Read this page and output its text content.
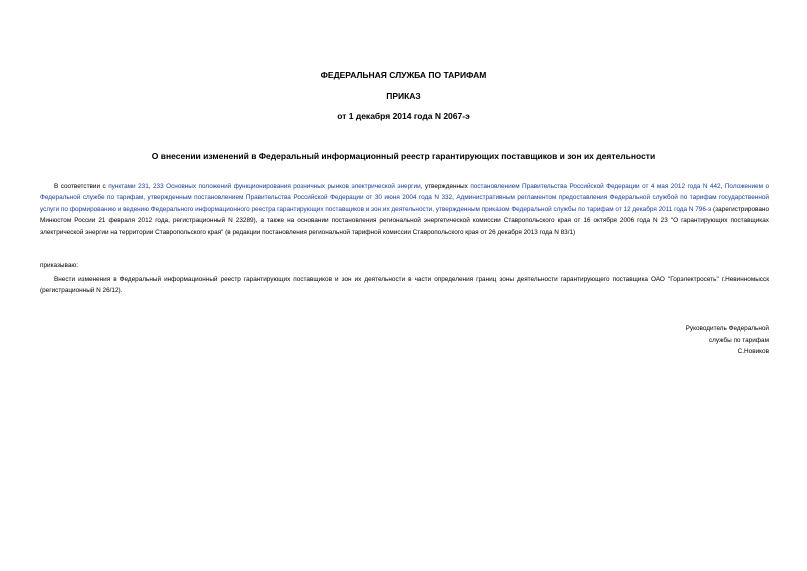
ФЕДЕРАЛЬНАЯ СЛУЖБА ПО ТАРИФАМ
ПРИКАЗ
от 1 декабря 2014 года N 2067-э
О внесении изменений в Федеральный информационный реестр гарантирующих поставщиков и зон их деятельности
В соответствии с пунктами 231, 233 Основных положений функционирования розничных рынков электрической энергии, утвержденных постановлением Правительства Российской Федерации от 4 мая 2012 года N 442, Положением о Федеральной службе по тарифам, утвержденным постановлением Правительства Российской Федерации от 30 июня 2004 года N 332, Административным регламентом предоставления Федеральной службой по тарифам государственной услуги по формированию и ведению Федерального информационного реестра гарантирующих поставщиков и зон их деятельности, утвержденным приказом Федеральной службы по тарифам от 12 декабря 2011 года N 796-э (зарегистрировано Минюстом России 21 февраля 2012 года, регистрационный N 23289), а также на основании постановления региональной энергетической комиссии Ставропольского края от 16 октября 2006 года N 23 "О гарантирующих поставщиках электрической энергии на территории Ставропольского края" (в редакции постановления региональной тарифной комиссии Ставропольского края от 26 декабря 2013 года N 83/1)
приказываю:
Внести изменения в Федеральный информационный реестр гарантирующих поставщиков и зон их деятельности в части определения границ зоны деятельности гарантирующего поставщика ОАО "Горэлектросеть" г.Невинномысск (регистрационный N 26/12).
Руководитель Федеральной
службы по тарифам
С.Новиков
